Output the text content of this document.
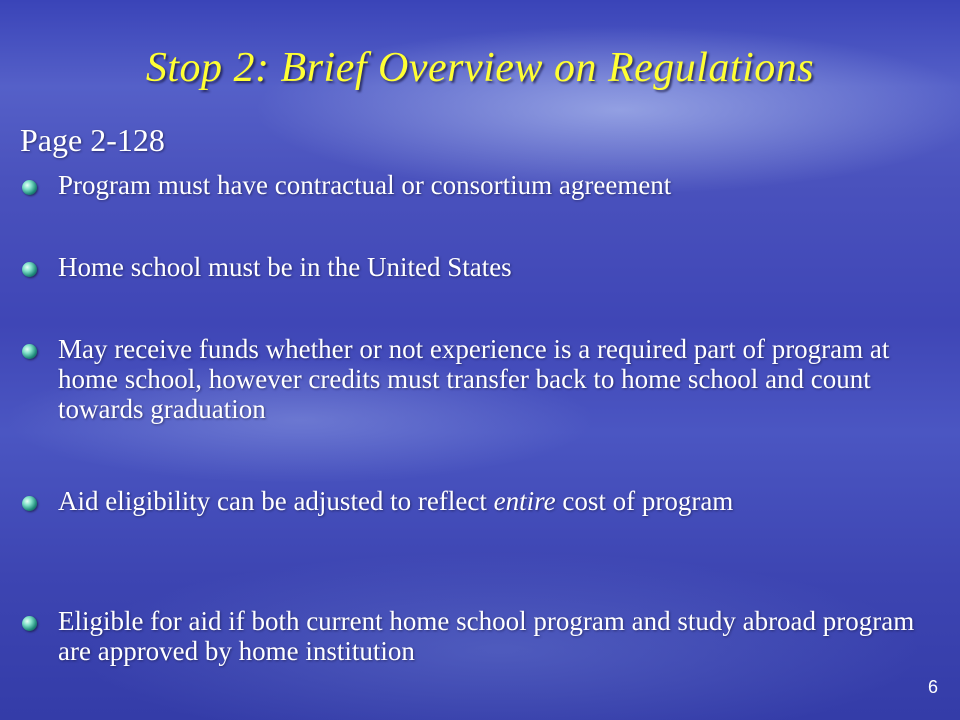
Stop 2: Brief Overview on Regulations
Page 2-128
Program must have contractual or consortium agreement
Home school must be in the United States
May receive funds whether or not experience is a required part of program at home school, however credits must transfer back to home school and count towards graduation
Aid eligibility can be adjusted to reflect entire cost of program
Eligible for aid if both current home school program and study abroad program are approved by home institution
6
